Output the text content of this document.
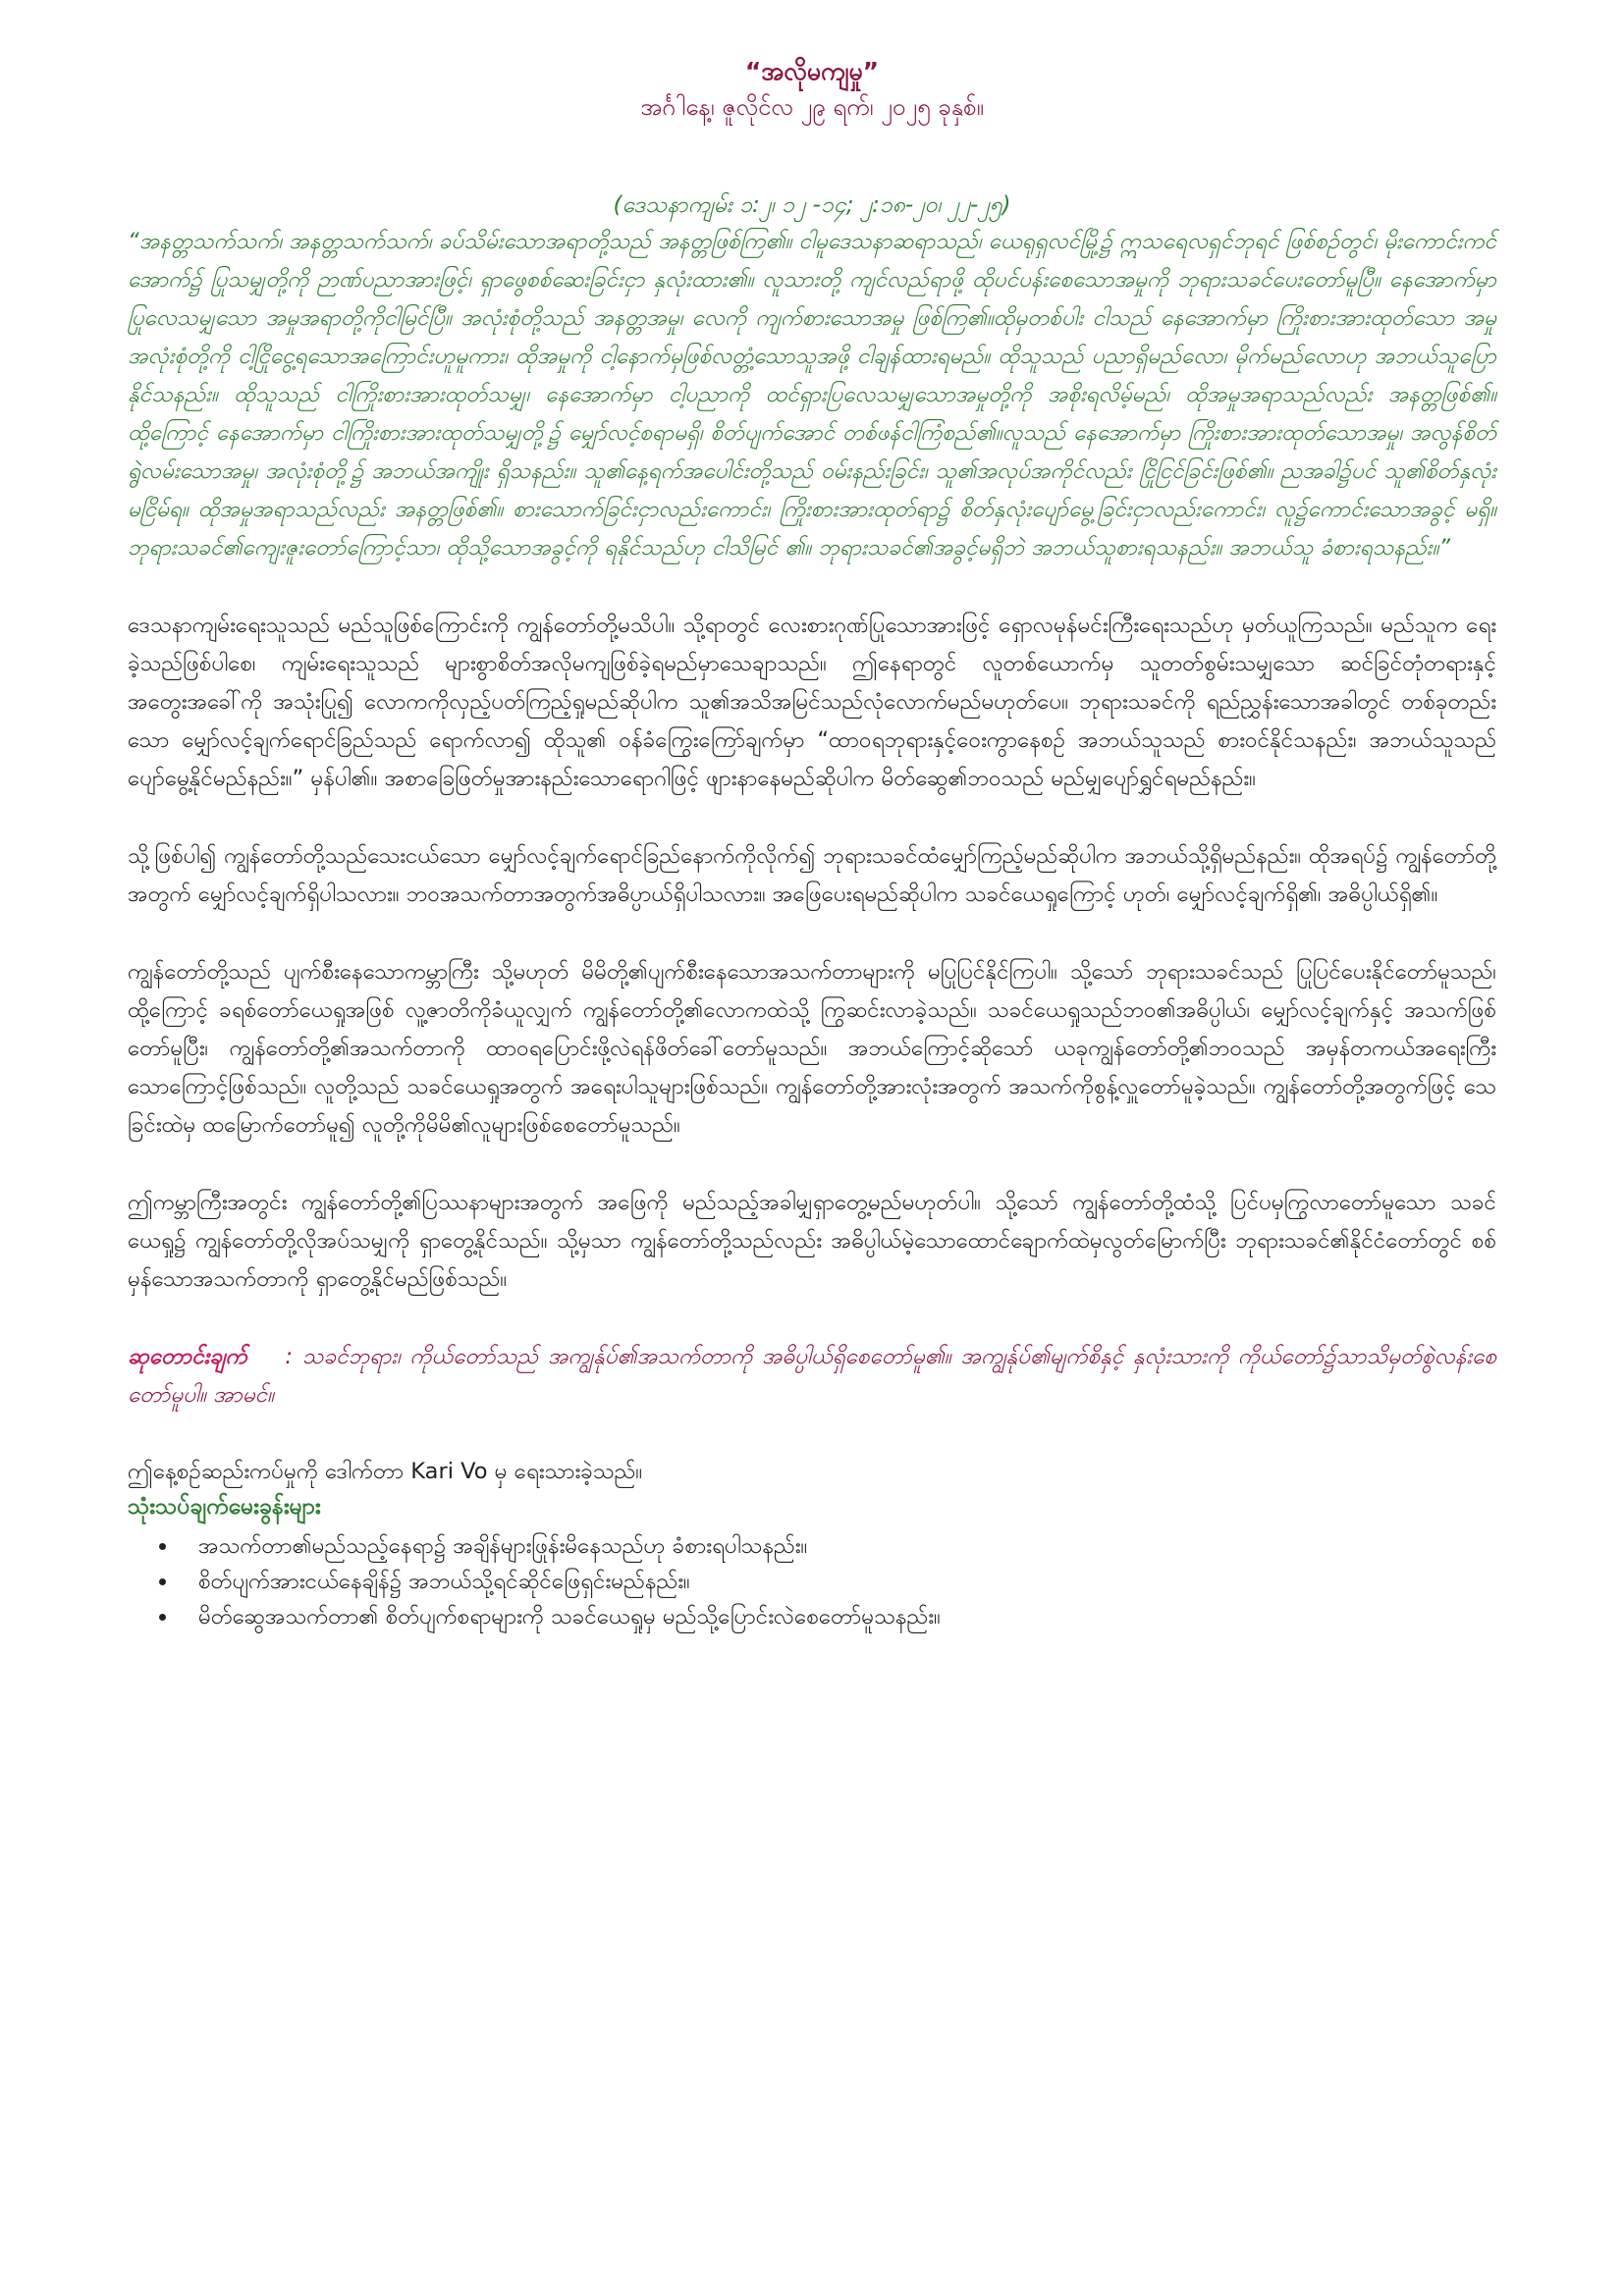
“အလိုမကျမှု”

အင်္ဂါနေ့၊ ဇူလိုင်လ ၂၉ ရက်၊ ၂၀၂၅ ခုနှစ်။

(ဒေသနာကျမ်း ၁:၂၊ ၁၂ -၁၄; ၂:၁၈-၂၀၊ ၂၂-၂၅)

“အနတ္တသက်သက်၊ အနတ္တသက်သက်၊ ခပ်သိမ်းသောအရာတို့သည် အနတ္တဖြစ်ကြ၏။ ငါမူဒေသနာဆရာသည်၊ ယေရုရှလင်မြို့၌ ဣသရေလရှင်ဘုရင် ဖြစ်စဉ်တွင်၊ မိုးကောင်းကင်အောက်၌ ပြုသမျှတို့ကို ဉာဏ်ပညာအားဖြင့်၊ ရှာဖွေစစ်ဆေးခြင်းငှာ နှလုံးထား၏။ လူသားတို့ ကျင်လည်ရာဖို့ ထိုပင်ပန်းစေသောအမှုကို ဘုရားသခင်ပေးတော်မူပြီ။ နေအောက်မှာ ပြုလေသမျှသော အမှုအရာတို့ကိုငါမြင်ပြီ။ အလုံးစုံတို့သည် အနတ္တအမှု၊ လေကို ကျက်စားသောအမှု ဖြစ်ကြ၏။ထိုမှတစ်ပါး ငါသည် နေအောက်မှာ ကြိုးစားအားထုတ်သော အမှုအလုံးစုံတို့ကို ငါ့ငြိုငွေ့ရသောအကြောင်းဟူမူကား၊ ထိုအမှုကို ငါ့နောက်မှဖြစ်လတ္တံ့သောသူအဖို့ ငါချန်ထားရမည်။ ထိုသူသည် ပညာရှိမည်လော၊ မိုက်မည်လောဟု အဘယ်သူပြောနိုင်သနည်း။ ထိုသူသည် ငါကြိုးစားအားထုတ်သမျှ၊ နေအောက်မှာ ငါ့ပညာကို ထင်ရှားပြလေသမျှသောအမှုတို့ကို အစိုးရလိမ့်မည်၊ ထိုအမှုအရာသည်လည်း အနတ္တဖြစ်၏။ ထို့ကြောင့် နေအောက်မှာ ငါကြိုးစားအားထုတ်သမျှတို့၌ မျှော်လင့်စရာမရှိ၊ စိတ်ပျက်အောင် တစ်ဖန်ငါကြံစည်၏။လူသည် နေအောက်မှာ ကြိုးစားအားထုတ်သောအမှု၊ အလွန်စိတ်ရွဲလမ်းသောအမှု၊ အလုံးစုံတို့၌ အဘယ်အကျိုး ရှိသနည်း။ သူ၏နေ့ရက်အပေါင်းတို့သည် ဝမ်းနည်းခြင်း၊ သူ၏အလုပ်အကိုင်လည်း ငြိုငြင်ခြင်းဖြစ်၏။ ညအခါ၌ပင် သူ၏စိတ်နှလုံး မငြိမ်ရ။ ထိုအမှုအရာသည်လည်း အနတ္တဖြစ်၏။ စားသောက်ခြင်းငှာလည်းကောင်း၊ ကြိုးစားအားထုတ်ရာ၌ စိတ်နှလုံးပျော်မွေ့ခြင်းငှာလည်းကောင်း၊ လူ၌ကောင်းသောအခွင့် မရှိ။ ဘုရားသခင်၏ကျေးဇူးတော်ကြောင့်သာ၊ ထိုသို့သောအခွင့်ကို ရနိုင်သည်ဟု ငါသိမြင် ၏။ ဘုရားသခင်၏အခွင့်မရှိဘဲ အဘယ်သူစားရသနည်း။ အဘယ်သူ ခံစားရသနည်း။”

ဒေသနာကျမ်းရေးသူသည် မည်သူဖြစ်ကြောင်းကို ကျွန်တော်တို့မသိပါ။ သို့ရာတွင် လေးစားဂုဏ်ပြုသောအားဖြင့် ရှောလမုန်မင်းကြီးရေးသည်ဟု မှတ်ယူကြသည်။ မည်သူက ရေးခဲ့သည်ဖြစ်ပါစေ၊ ကျမ်းရေးသူသည် များစွာစိတ်အလိုမကျဖြစ်ခဲ့ရမည်မှာသေချာသည်။ ဤနေရာတွင် လူတစ်ယောက်မှ သူတတ်စွမ်းသမျှသော ဆင်ခြင်တုံတရားနှင့် အတွေးအခေါ်ကို အသုံးပြု၍ လောကကိုလှည့်ပတ်ကြည့်ရှုမည်ဆိုပါက သူ၏အသိအမြင်သည်လုံလောက်မည်မဟုတ်ပေ။ ဘုရားသခင်ကို ရည်ညွှန်းသောအခါတွင် တစ်ခုတည်းသော မျှော်လင့်ချက်ရောင်ခြည်သည် ရောက်လာ၍ ထိုသူ၏ ဝန်ခံကြွေးကြော်ချက်မှာ “ထာဝရဘုရားနှင့်ဝေးကွာနေစဉ် အဘယ်သူသည် စားဝင်နိုင်သနည်း၊ အဘယ်သူသည် ပျော်မွေ့နိုင်မည်နည်း။” မှန်ပါ၏။ အစာခြေဖြတ်မှုအားနည်းသောရောဂါဖြင့် ဖျားနာနေမည်ဆိုပါက မိတ်ဆွေ၏ဘဝသည် မည်မျှပျော်ရွှင်ရမည်နည်း။

သို့ဖြစ်ပါ၍ ကျွန်တော်တို့သည်သေးငယ်သော မျှော်လင့်ချက်ရောင်ခြည်နောက်ကိုလိုက်၍ ဘုရားသခင်ထံမျှော်ကြည့်မည်ဆိုပါက အဘယ်သို့ရှိမည်နည်း။ ထိုအရပ်၌ ကျွန်တော်တို့အတွက် မျှော်လင့်ချက်ရှိပါသလား။ ဘဝအသက်တာအတွက်အဓိပ္ပာယ်ရှိပါသလား။ အဖြေပေးရမည်ဆိုပါက သခင်ယေရှုကြောင့် ဟုတ်၊ မျှော်လင့်ချက်ရှိ၏၊ အဓိပ္ပါယ်ရှိ၏။

ကျွန်တော်တို့သည် ပျက်စီးနေသောကမ္ဘာကြီး သို့မဟုတ် မိမိတို့၏ပျက်စီးနေသောအသက်တာများကို မပြုပြင်နိုင်ကြပါ။ သို့သော် ဘုရားသခင်သည် ပြုပြင်ပေးနိုင်တော်မူသည်၊ ထို့ကြောင့် ခရစ်တော်ယေရှုအဖြစ် လူ့ဇာတိကိုခံယူလျှက် ကျွန်တော်တို့၏လောကထဲသို့ ကြွဆင်းလာခဲ့သည်။ သခင်ယေရှုသည်ဘဝ၏အဓိပ္ပါယ်၊ မျှော်လင့်ချက်နှင့် အသက်ဖြစ်တော်မူပြီး၊ ကျွန်တော်တို့၏အသက်တာကို ထာဝရပြောင်းဖို့လဲရန်ဖိတ်ခေါ်တော်မူသည်။ အဘယ်ကြောင့်ဆိုသော် ယခုကျွန်တော်တို့၏ဘဝသည် အမှန်တကယ်အရေးကြီးသောကြောင့်ဖြစ်သည်။ လူတို့သည် သခင်ယေရှုအတွက် အရေးပါသူများဖြစ်သည်။ ကျွန်တော်တို့အားလုံးအတွက် အသက်ကိုစွန့်လှူတော်မူခဲ့သည်။ ကျွန်တော်တို့အတွက်ဖြင့် သေခြင်းထဲမှ ထမြောက်တော်မူ၍ လူတို့ကိုမိမိ၏လူများဖြစ်စေတော်မူသည်။

ဤကမ္ဘာကြီးအတွင်း ကျွန်တော်တို့၏ပြဿနာများအတွက် အဖြေကို မည်သည့်အခါမျှရှာတွေ့မည်မဟုတ်ပါ။ သို့သော် ကျွန်တော်တို့ထံသို့ ပြင်ပမှကြွလာတော်မူသော သခင်ယေရှု၌ ကျွန်တော်တို့လိုအပ်သမျှကို ရှာတွေ့နိုင်သည်။ သို့မှသာ ကျွန်တော်တို့သည်လည်း အဓိပ္ပါယ်မဲ့သောထောင်ချောက်ထဲမှလွတ်မြောက်ပြီး ဘုရားသခင်၏နိုင်ငံတော်တွင် စစ်မှန်သောအသက်တာကို ရှာတွေ့နိုင်မည်ဖြစ်သည်။

ဆုတောင်းချက် : သခင်ဘုရား၊ ကိုယ်တော်သည် အကျွန်ုပ်၏အသက်တာကို အဓိပ္ပါယ်ရှိစေတော်မူ၏။ အကျွန်ုပ်၏မျက်စိနှင့် နှလုံးသားကို ကိုယ်တော်၌သာသိမှတ်စွဲလန်းစေတော်မူပါ။ အာမင်။

ဤနေ့စဉ်ဆည်းကပ်မှုကို ဒေါက်တာ Kari Vo မှ ရေးသားခဲ့သည်။

သုံးသပ်ချက်မေးခွန်းများ

• အသက်တာ၏မည်သည့်နေရာ၌ အချိန်များဖြုန်းမိနေသည်ဟု ခံစားရပါသနည်း။
• စိတ်ပျက်အားငယ်နေချိန်၌ အဘယ်သို့ရင်ဆိုင်ဖြေရှင်းမည်နည်း။
• မိတ်ဆွေအသက်တာ၏ စိတ်ပျက်စရာများကို သခင်ယေရှုမှ မည်သို့ပြောင်းလဲစေတော်မူသနည်း။
